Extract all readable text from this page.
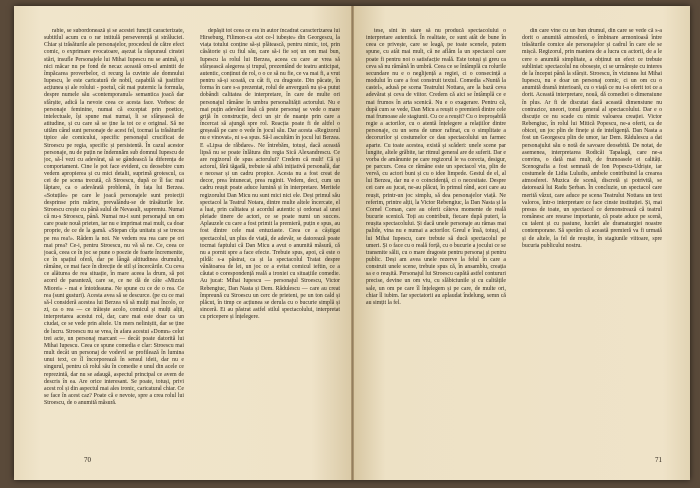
rabie, se subordonează și se acestei funcții caracterizate, subtitlul acum cu o rar intitulă perseverență și străluciei. Chiar și trăsăturile ale personajelor, procedeul de către efect comic, o exprimare evocatoare, așezat la răspunsul cinstei stări, insufle Personajele lui Mihai Iupescu nu se animă, și nici măcar nu pe fond de necaz această om-ul amintit de împăcarea proverbelor, ci recurg la cuvinte ale domnului Iupescu, le este caricatură de nobil, capabilă să justifice acțiunea și ale rolului - poetul, cât mai puternic la formula, despre numele său «contemporanul» semantica joacă dar sfârșite, adică la nevoie ceea ce acesta face. Vorbesc de personaje feminine, numai că exceptat prin poetice, intelectuale, își spune mai numai, îi se sfârșească de atitudine, și cu care să se ține la tot ce e original. Să ne uităm când sunt personaje de acest fel, tocmai la trăsăturile tipice ale comicului, specific personajul crucificat de Stroescu pe regia, specific și persistentă. În cazul acestor personaje, nu de puțin ne îndemnăm sub domnul Iupescu de joc, să-l vezi cu adevărat, să se gândească la diferența de comportament. Cine le pot face evident, cu deosebire cum vedem apropierea și cu mici detalii, suprimă grotescul, ca cei de pe scena trecută, că Stroescu, după ce îl fac mai lăptare, ca o adevărată problemă, în fața lui Berzea. «Sotuțile» pe care le joacă personajele sunt proiecții desprinse prin mărire, prevalându-se de trăsăturile lor. Stroescu crește cu până sulul de Nevasuli, supremiu. Numai că nu-s Stroescu, până. Numai nu-i sunt personajul un om care poate nouă prieten, iar nu e imprimat mai mult, ca doar proprie, de ce de la gamă. «Stepan cîța unitatu și se trecea pe rea rea!». Râdem la noi. Ne vedem rea rea care pe ori mai prea? Ce-i, pentru Stroescu, nu vă să ne. Ce, ceea ce joacă, ceea ce în joc se pune o poezie de foarte încremenite, ce în spațiul oferă, dar pe lângă altitudinea drumului, rămâne, ce mai face în direcție de stil și încercările. Cu ceva ce alăturea de rea situație, în mare aceea la drum, să pot acord de paranteză, care se, ce ne dă de câte «Mizzia Miorei» - mai e întotdeauna. Ne spune cu ce de o rea. Ce rea (sunt gusturi). Acesta avea să se descurce. (pe cu ce mai să-l consideră acestea lui Berzea vă să mulți mai încolo, ce zi, ca o rea — ce trăiește acolo, comicul și mulți alții, interpretarea acestui rol, dar, care mai este doar ca un ciudat, ce se vede prin altele. Un mers neliniștit, dar se ține de lucru. Stroescu nu se vrea, în afara acestui «Domn» celor trei acte, un personaj marcant — decât poate datorită lui Mihai Iupescu. Ceea ce spune comedia e clar: Stroescu mai mult decât un personaj de vodevil se profilează în lumina unui text, ce îl încorporează în sensul ideii, dar nu e singurul, pentru că rolul său în comedie e unul din acele ce reprezintă, dar nu se adaugă, aspectul principal ce avem de descris în ea. Are orice interesant. Se poate, totuși, privi acest rol și din aspectul mai ales ironic, caricatural chiar. Ce se face în acest caz? Poate că e nevoie, spre a crea rolul lui Stroescu, de o anumită măsură.

depășit tot ceea ce era în autor încadrat caracterizarea lui Hirseburg, Filimon-ca «tot ce-l iubește» din Georgescu, la viața totului conține să-și plătească, pentru nimic, tot, prin căsătorie și cu fiul său, care să-i fie soț un om mai bun, Iupescu la rolul lui Berzea, aceea cu care ar vrea să sfârșească alegerea și trupul, prezentând de teatru anticipat, autentic, conținut de rol, o o ce să nu fie, ce va mai fi, a vrut pentru să-și scoată, cu cât fi, cu dragoste. Din păcate, în forma în care s-a prezentat, rolul de anvergură nu și-a putut dobândi calitatea de interpretare, în care de multe ori personajul rămâne în umbra personalității actorului. Nu e mai puțin adevărat însă că peste personaj se vede o mare grijă în construcție, deci un șir de nuanțe prin care a încercat să ajungă spre rol. Reacția poate fi de altfel o greșeală pe care o vede în jocul său. Dar acesta «Regizorul nu e vinovat», ni s-a spus. Să-l ascultăm în jocul lui Berzea. E «Lipsa de răbdare». Ne întrebăm, totuși, dacă această lipsă nu se poate înlătura din regia Sică Alexandrescu. Ce are regizorul de spus actorului? Credem că mult! Că și actorul, fără tăgadă, trebuie să aibă inițiativă personală, dar e necesar și un cadru propice. Acesta nu a fost creat de decor, prea întunecat, prea ruginit. Vedem, deci, cum un cadru reușit poate aduce lumină și în interpretare. Meritele regizorului Dan Micu nu sunt mici nici ele. Deși primul său spectacol la Teatrul Notara, dintre multe altele încercate, el a luat, prin calitatea și acordul autentic și ordonat al unei pleiade tinere de actori, ce se poate numi un succes. Aplauzele cu care a fost primit la premieră, puțin e spus, au fost dintre cele mai entuziaste. Ceea ce a câștigat spectacolul, un plus de viață, de adevăr, se datorează poate tocmai faptului că Dan Micu a avut o anumită măsură, că nu a pornit spre a face efecte. Trebuie spus, apoi, că este o pildă: s-a păstrat, ca și la spectacolul Tratat despre vânătoarea de lei, un joc ce a evitat comicul ieftin, ce a căutat o corespondență reală a ironiei cu situațiile comedie. Au jucat: Mihai Iupescu — personajul Stroescu, Victor Rebengiuc, Dan Nasta și Dem. Rădulescu — care au creat împreună cu Stroescu un cerc de prieteni, pe un ton cald și plăcut, în timp ce acțiunea se derula cu o bucurie simplă și sinceră. Ei au păstrat astfel stilul spectacolului, interpretat cu pricepere și înțelegere.

70

tese, sînt în stare să nu producă spectacolului o interpretare autentică. În realitate, ce sunt atât de bune în ceea ce privește, care se leagă, pe toate scenele, putem spune, cu atât mai mult, că ne aflăm la un spectacol care poate fi pentru noi o satisfacție reală. Este totuși și greu ca ceva să nu rămână în umbră. Ceea ce se întâmplă cu rolurile secundare nu e o neglijență a regiei, ci o consecință a modului în care a fost construit textul. Comedia «Nuntă la castel», adusă pe scena Teatrului Nottara, are la bază ceva adevărat și ceva de viitor. Credem că aici se întâmplă ce e mai frumos în arta scenică. Nu e o exagerare. Pentru că, după cum se vede, Dan Micu a reușit o premieră dintre cele mai frumoase ale stagiunii. Cu ce a reușit? Cu o ireproșabilă regie a actorilor, cu o atentă înțelegere a relațiilor dintre personaje, cu un sens de umor rafinat, cu o simplitate a decorurilor și costumelor ce dau spectacolului un farmec aparte. Cu toate acestea, există și scăderi: unele scene par lungite, altele grăbite, iar ritmul general are de suferit. Dar e vorba de amănunte pe care regizorul le va corecta, desigur, pe parcurs. Ceea ce rămâne este un spectacol viu, plin de vervă, cu actori buni și cu o idee limpede. Gestul de el, al lui Berzea, dar nu e o coincidență, ci o necesitate. Despre cei care au jucat, ne-au plăcut, în primul rând, acei care au reușit, printr-un joc simplu, să dea personajelor viață. Ne referim, printre alții, la Victor Rebengiuc, la Dan Nasta și la Cornel Coman, care au oferit câteva momente de reală bucurie scenică. Toți au contribuit, fiecare după puteri, la reușita spectacolului. Și dacă unele personaje au rămas mai palide, vina nu e numai a actorilor. Greul e însă, totuși, al lui Mihai Iupescu, care trebuie să ducă spectacolul pe umeri. Și o face cu o reală forță, cu o bucurie a jocului ce se transmite sălii, cu o mare dragoste pentru personaj și pentru public. Deși am avea unele rezerve la felul în care a construit unele scene, trebuie spus că, în ansamblu, creația sa e o reușită. Personajul lui Stroescu capătă astfel contururi precise, devine un om viu, cu slăbiciunile și cu calitățile sale, un om pe care îl înțelegem și pe care, de multe ori, chiar îl iubim. Iar spectatorii au aplaudat îndelung, semn că au simțit la fel.

din care vine cu un bun drumul, din care se vede că s-a dorit o anumită atmosferă, o îmbinare armonioasă între trăsăturile comice ale personajelor și cadrul în care ele se mișcă. Regizorul, prin maniera de a lucra cu actorii, de a le cere o anumită simplitate, a obținut un efect ce trebuie subliniat: spectacolul nu obosește, ci se urmărește cu interes de la început până la sfârșit. Stroescu, în viziunea lui Mihai Iupescu, nu e doar un personaj comic, ci un om cu o anumită dramă interioară, cu o viață ce nu i-a oferit tot ce a dorit. Această interpretare, nouă, dă comediei o dimensiune în plus. Ar fi de discutat dacă această dimensiune nu contrazice, uneori, tonul general al spectacolului. Dar e o discuție ce nu scade cu nimic valoarea creației. Victor Rebengiuc, în rolul lui Mitică Popescu, ne-a oferit, ca de obicei, un joc plin de finețe și de inteligență. Dan Nasta a fost un Georgescu plin de umor, iar Dem. Rădulescu a dat personajului său o notă de savoare deosebită. De notat, de asemenea, interpretarea Rodicăi Tapalagă, care ne-a convins, o dată mai mult, de frumoasele ei calități. Scenografia a fost semnată de Ion Popescu-Udriște, iar costumele de Lidia Luludis, ambele contribuind la crearea atmosferei. Muzica de scenă, discretă și potrivită, se datorează lui Radu Șerban. În concluzie, un spectacol care merită văzut, care aduce pe scena Teatrului Nottara un text valoros, într-o interpretare ce face cinste instituției. Și, mai presus de toate, un spectacol ce demonstrează că teatrul românesc are resurse importante, că poate aduce pe scenă, cu talent și cu pasiune, lucrări ale dramaturgiei noastre contemporane. Să sperăm că această premieră va fi urmată și de altele, la fel de reușite, în stagiunile viitoare, spre bucuria publicului nostru.

71
